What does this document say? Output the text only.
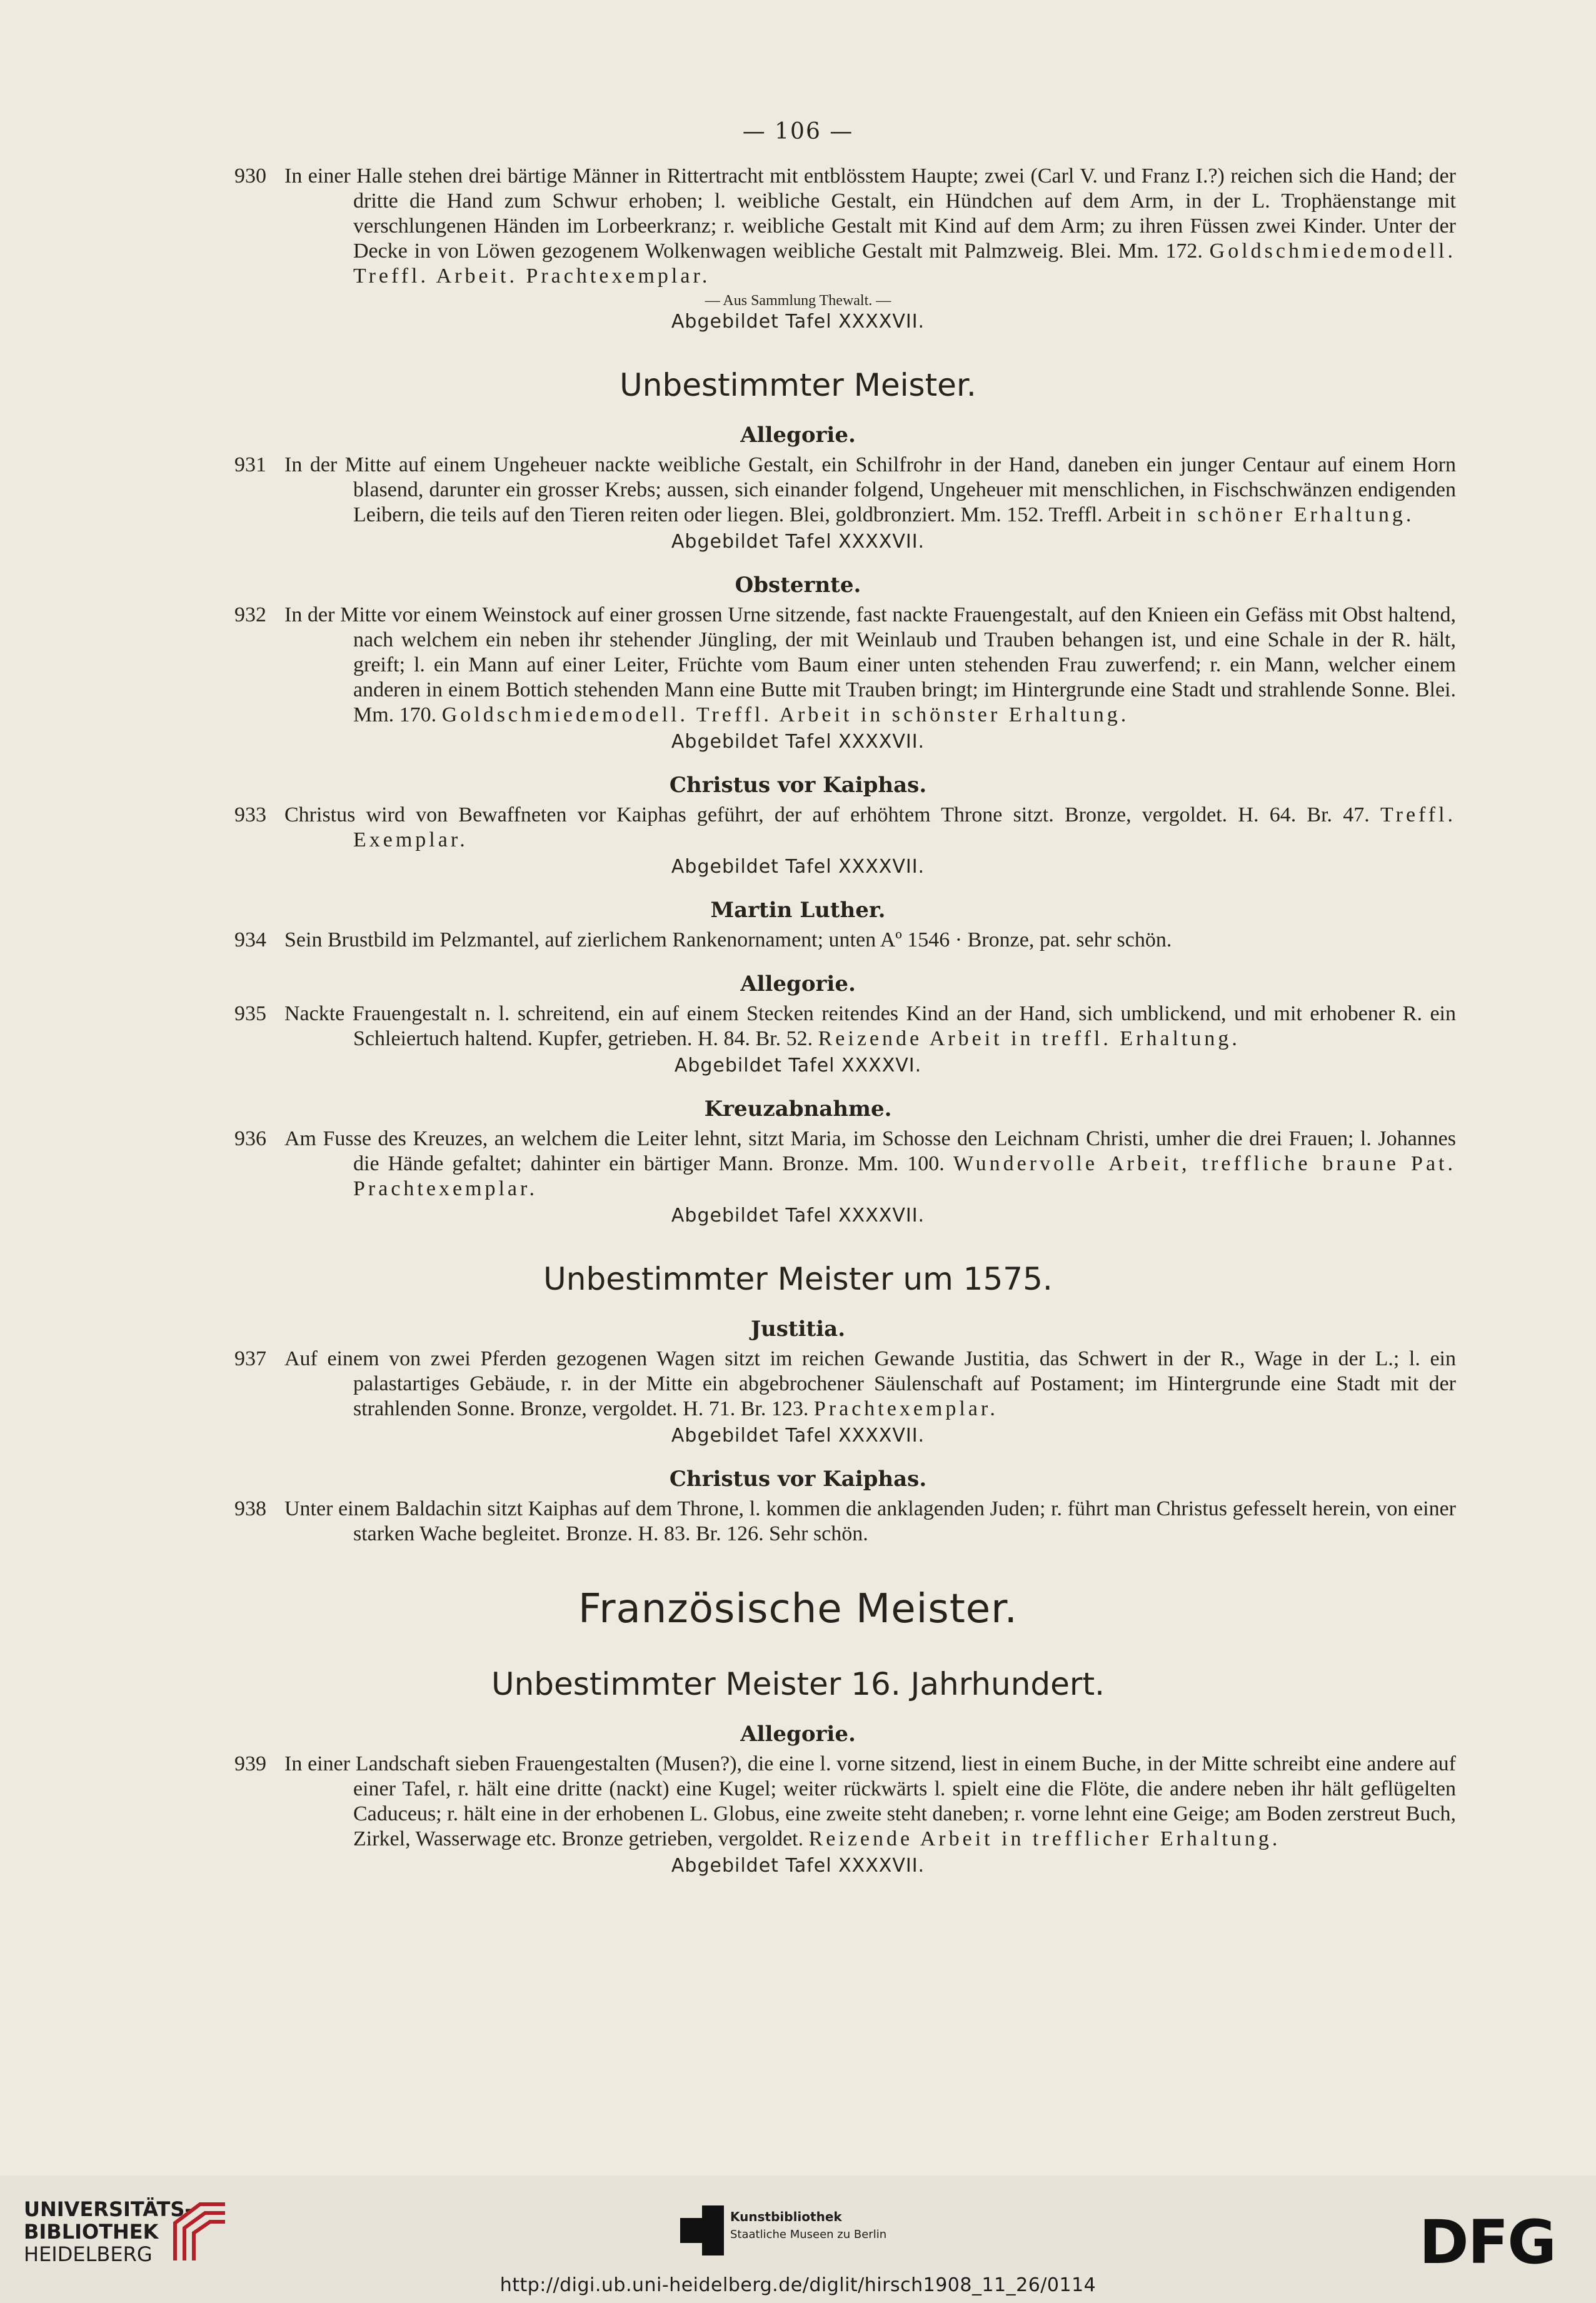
— 106 —
930 In einer Halle stehen drei bärtige Männer in Rittertracht mit entblösstem Haupte; zwei (Carl V. und Franz I.?) reichen sich die Hand; der dritte die Hand zum Schwur erhoben; l. weibliche Gestalt, ein Hündchen auf dem Arm, in der L. Trophäenstange mit verschlungenen Händen im Lorbeerkranz; r. weibliche Gestalt mit Kind auf dem Arm; zu ihren Füssen zwei Kinder. Unter der Decke in von Löwen gezogenem Wolkenwagen weibliche Gestalt mit Palmzweig. Blei. Mm. 172. Goldschmiedemodell. Treffl. Arbeit. Prachtexemplar.
— Aus Sammlung Thewalt. —
Abgebildet Tafel XXXXVII.
Unbestimmter Meister.
Allegorie.
931 In der Mitte auf einem Ungeheuer nackte weibliche Gestalt, ein Schilfrohr in der Hand, daneben ein junger Centaur auf einem Horn blasend, darunter ein grosser Krebs; aussen, sich einander folgend, Ungeheuer mit menschlichen, in Fischschwänzen endigenden Leibern, die teils auf den Tieren reiten oder liegen. Blei, goldbronziert. Mm. 152. Treffl. Arbeit in schöner Erhaltung.
Abgebildet Tafel XXXXVII.
Obsternte.
932 In der Mitte vor einem Weinstock auf einer grossen Urne sitzende, fast nackte Frauengestalt, auf den Knieen ein Gefäss mit Obst haltend, nach welchem ein neben ihr stehender Jüngling, der mit Weinlaub und Trauben behangen ist, und eine Schale in der R. hält, greift; l. ein Mann auf einer Leiter, Früchte vom Baum einer unten stehenden Frau zuwerfend; r. ein Mann, welcher einem anderen in einem Bottich stehenden Mann eine Butte mit Trauben bringt; im Hintergrunde eine Stadt und strahlende Sonne. Blei. Mm. 170. Goldschmiedemodell. Treffl. Arbeit in schönster Erhaltung.
Abgebildet Tafel XXXXVII.
Christus vor Kaiphas.
933 Christus wird von Bewaffneten vor Kaiphas geführt, der auf erhöhtem Throne sitzt. Bronze, vergoldet. H. 64. Br. 47. Treffl. Exemplar.
Abgebildet Tafel XXXXVII.
Martin Luther.
934 Sein Brustbild im Pelzmantel, auf zierlichem Rankenornament; unten Aº 1546 · Bronze, pat. sehr schön.
Allegorie.
935 Nackte Frauengestalt n. l. schreitend, ein auf einem Stecken reitendes Kind an der Hand, sich umblickend, und mit erhobener R. ein Schleiertuch haltend. Kupfer, getrieben. H. 84. Br. 52. Reizende Arbeit in treffl. Erhaltung.
Abgebildet Tafel XXXXVI.
Kreuzabnahme.
936 Am Fusse des Kreuzes, an welchem die Leiter lehnt, sitzt Maria, im Schosse den Leichnam Christi, umher die drei Frauen; l. Johannes die Hände gefaltet; dahinter ein bärtiger Mann. Bronze. Mm. 100. Wundervolle Arbeit, treffliche braune Pat. Prachtexemplar.
Abgebildet Tafel XXXXVII.
Unbestimmter Meister um 1575.
Justitia.
937 Auf einem von zwei Pferden gezogenen Wagen sitzt im reichen Gewande Justitia, das Schwert in der R., Wage in der L.; l. ein palastartiges Gebäude, r. in der Mitte ein abgebrochener Säulenschaft auf Postament; im Hintergrunde eine Stadt mit der strahlenden Sonne. Bronze, vergoldet. H. 71. Br. 123. Prachtexemplar.
Abgebildet Tafel XXXXVII.
Christus vor Kaiphas.
938 Unter einem Baldachin sitzt Kaiphas auf dem Throne, l. kommen die anklagenden Juden; r. führt man Christus gefesselt herein, von einer starken Wache begleitet. Bronze. H. 83. Br. 126. Sehr schön.
Französische Meister.
Unbestimmter Meister 16. Jahrhundert.
Allegorie.
939 In einer Landschaft sieben Frauengestalten (Musen?), die eine l. vorne sitzend, liest in einem Buche, in der Mitte schreibt eine andere auf einer Tafel, r. hält eine dritte (nackt) eine Kugel; weiter rückwärts l. spielt eine die Flöte, die andere neben ihr hält geflügelten Caduceus; r. hält eine in der erhobenen L. Globus, eine zweite steht daneben; r. vorne lehnt eine Geige; am Boden zerstreut Buch, Zirkel, Wasserwage etc. Bronze getrieben, vergoldet. Reizende Arbeit in trefflicher Erhaltung.
Abgebildet Tafel XXXXVII.
UNIVERSITÄTS-
BIBLIOTHEK
HEIDELBERG
Kunstbibliothek
Staatliche Museen zu Berlin	DFG
http://digi.ub.uni-heidelberg.de/diglit/hirsch1908_11_26/0114
